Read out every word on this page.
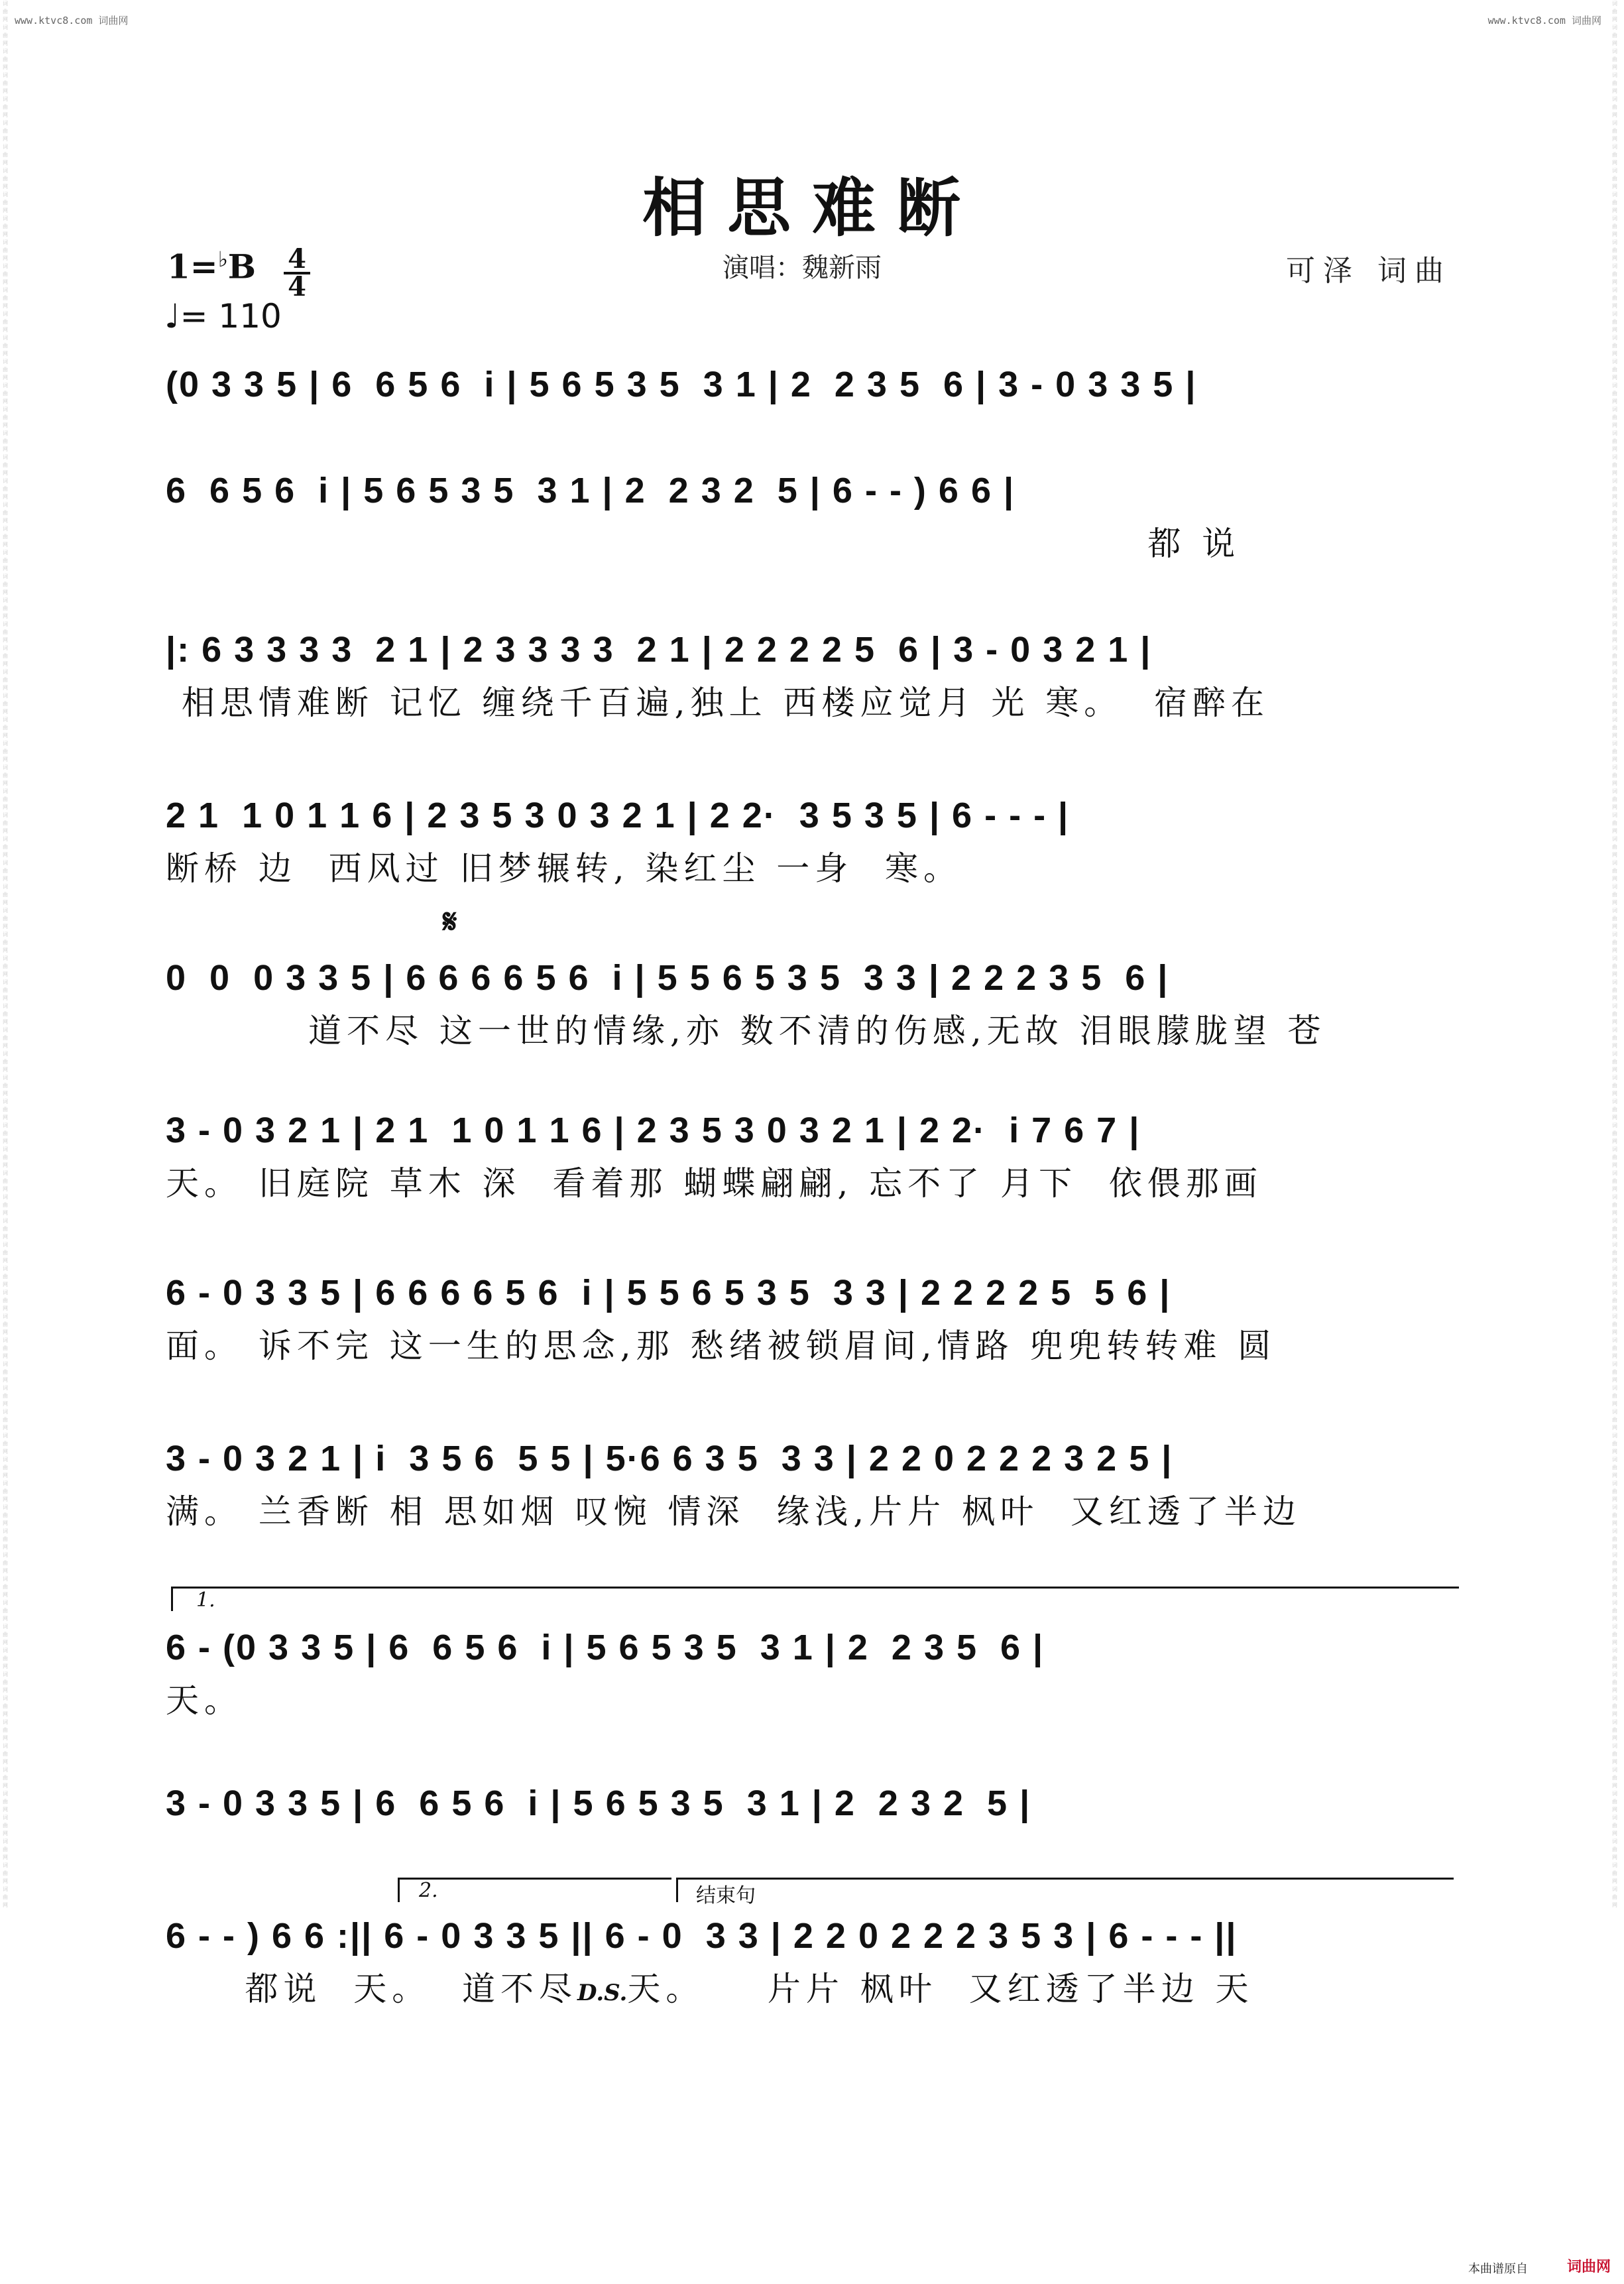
www.ktvc8.com 词曲网	www.ktvc8.com 词曲网
词曲网 词曲网 词曲网 词曲网 词曲网 词曲网 词曲网 词曲网 词曲网 词曲网 词曲网 词曲网 词曲网 词曲网 词曲网 词曲网 词曲网 词曲网 词曲网 词曲网 词曲网 词曲网 词曲网 词曲网 词曲网 词曲网 词曲网 词曲网 词曲网 词曲网 词曲网 词曲网 词曲网 词曲网 词曲网 词曲网 词曲网 词曲网 词曲网 词曲网 词曲网 词曲网 词曲网 词曲网 词曲网 词曲网 词曲网 词曲网 词曲网 词曲网 词曲网 词曲网 词曲网 词曲网 词曲网 词曲网 词曲网 词曲网 词曲网 词曲网 词曲网 词曲网 词曲网 词曲网 词曲网 词曲网 词曲网 词曲网 词曲网 词曲网 词曲网 词曲网 词曲网 词曲网 词曲网 词曲网 词曲网 词曲网 词曲网 词曲网
词曲网 词曲网 词曲网 词曲网 词曲网 词曲网 词曲网 词曲网 词曲网 词曲网 词曲网 词曲网 词曲网 词曲网 词曲网 词曲网 词曲网 词曲网 词曲网 词曲网 词曲网 词曲网 词曲网 词曲网 词曲网 词曲网 词曲网 词曲网 词曲网 词曲网 词曲网 词曲网 词曲网 词曲网 词曲网 词曲网 词曲网 词曲网 词曲网 词曲网 词曲网 词曲网 词曲网 词曲网 词曲网 词曲网 词曲网 词曲网 词曲网 词曲网 词曲网 词曲网 词曲网 词曲网 词曲网 词曲网 词曲网 词曲网 词曲网 词曲网 词曲网 词曲网 词曲网 词曲网 词曲网 词曲网 词曲网 词曲网 词曲网 词曲网 词曲网 词曲网 词曲网 词曲网 词曲网 词曲网 词曲网 词曲网 词曲网 词曲网
相思难断
$1=^♭B \frac{4}{4}$
♩= 110
演唱：魏新雨	可泽 词曲
(0 3 3 5 | 6  6 5 6  i | 5 6 5 3 5  3 1 | 2  2 3 5  6 | 3 - 0 3 3 5 |
6  6 5 6  i | 5 6 5 3 5  3 1 | 2  2 3 2  5 | 6 - - ) 6 6 |
都 说
|: 6 3 3 3 3  2 1 | 2 3 3 3 3  2 1 | 2 2 2 2 5  6 | 3 - 0 3 2 1 |
相思情难断 记忆 缠绕千百遍,独上 西楼应觉月 光 寒。  宿醉在
2 1  1 0 1 1 6 | 2 3 5 3 0 3 2 1 | 2 2·  3 5 3 5 | 6 - - - |
断桥 边  西风过 旧梦辗转, 染红尘 一身  寒。
𝄋
0  0  0 3 3 5 | 6 6 6 6 5 6  i | 5 5 6 5 3 5  3 3 | 2 2 2 3 5  6 |
道不尽 这一世的情缘,亦 数不清的伤感,无故 泪眼朦胧望 苍
3 - 0 3 2 1 | 2 1  1 0 1 1 6 | 2 3 5 3 0 3 2 1 | 2 2·  i 7 6 7 |
天。 旧庭院 草木 深  看着那 蝴蝶翩翩, 忘不了 月下  依偎那画
6 - 0 3 3 5 | 6 6 6 6 5 6  i | 5 5 6 5 3 5  3 3 | 2 2 2 2 5  5 6 |
面。 诉不完 这一生的思念,那 愁绪被锁眉间,情路 兜兜转转难 圆
3 - 0 3 2 1 | i  3 5 6  5 5 | 5·6 6 3 5  3 3 | 2 2 0 2 2 2 3 2 5 |
满。 兰香断 相 思如烟 叹惋 情深  缘浅,片片 枫叶  又红透了半边
1.
6 - (0 3 3 5 | 6  6 5 6  i | 5 6 5 3 5  3 1 | 2  2 3 5  6 |
天。
3 - 0 3 3 5 | 6  6 5 6  i | 5 6 5 3 5  3 1 | 2  2 3 2  5 |
2.	结束句
6 - - ) 6 6 :|| 6 - 0 3 3 5 || 6 - 0  3 3 | 2 2 0 2 2 2 3 5 3 | 6 - - - ||
都说  天。  道不尽D.S.天。    片片 枫叶  又红透了半边 天
本曲谱原自	词曲网
